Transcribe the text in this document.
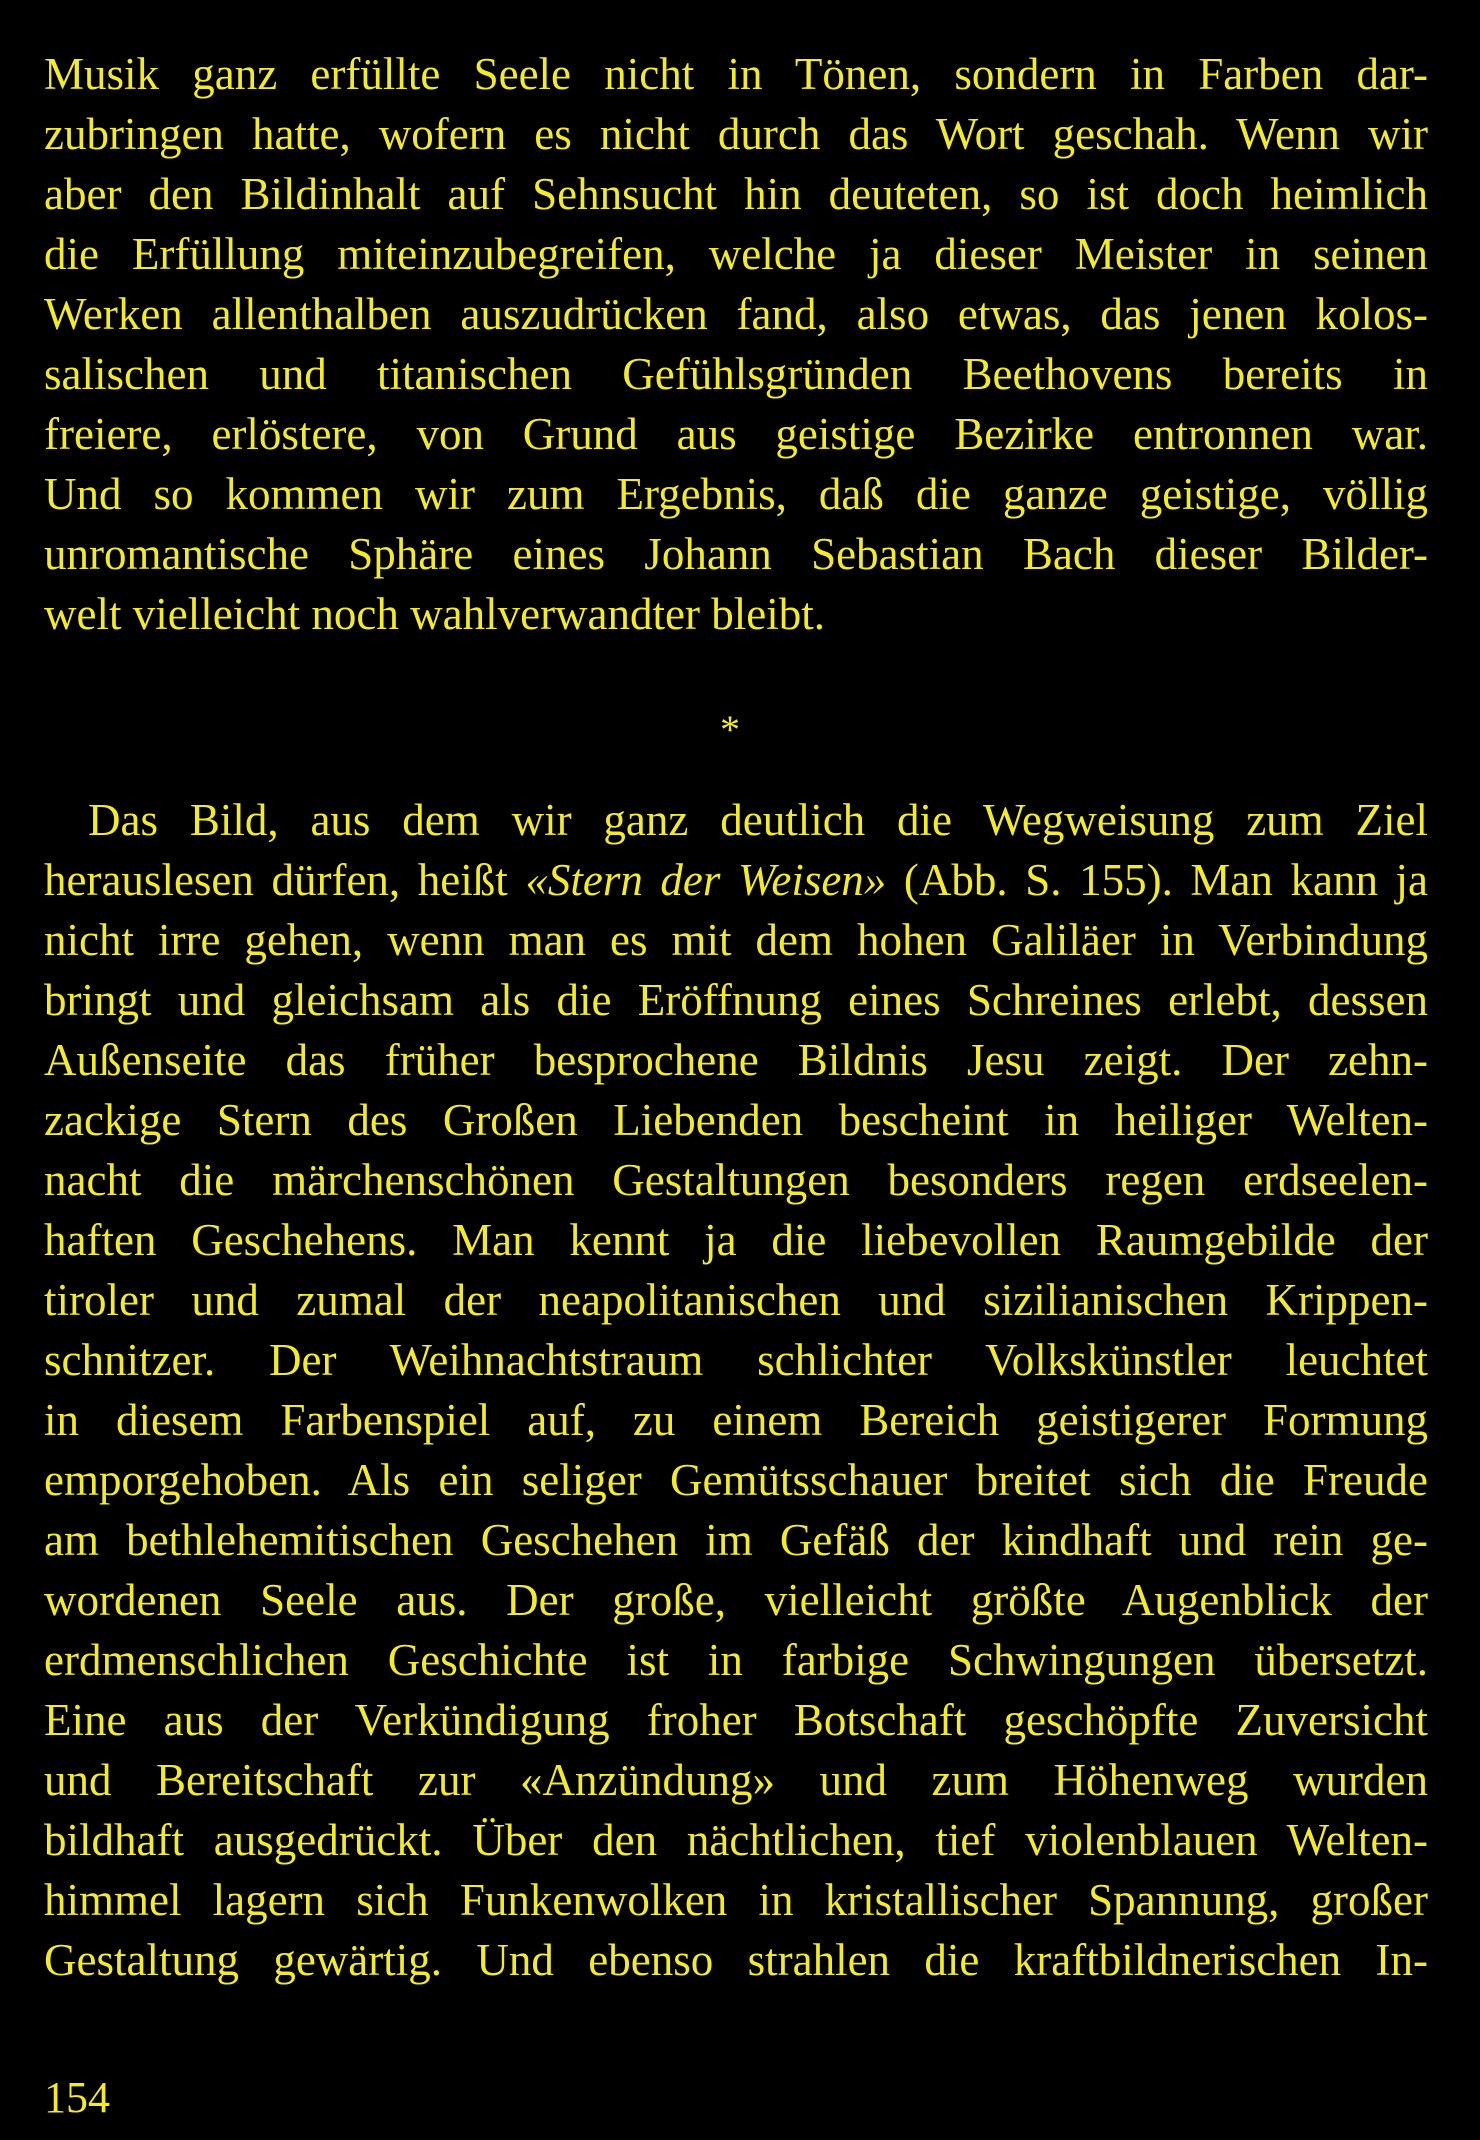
Musik ganz erfüllte Seele nicht in Tönen, sondern in Farben dar-

zubringen hatte, wofern es nicht durch das Wort geschah. Wenn wir

aber den Bildinhalt auf Sehnsucht hin deuteten, so ist doch heimlich

die Erfüllung miteinzubegreifen, welche ja dieser Meister in seinen

Werken allenthalben auszudrücken fand, also etwas, das jenen kolos-

salischen und titanischen Gefühlsgründen Beethovens bereits in

freiere, erlöstere, von Grund aus geistige Bezirke entronnen war.

Und so kommen wir zum Ergebnis, daß die ganze geistige, völlig

unromantische Sphäre eines Johann Sebastian Bach dieser Bilder-

welt vielleicht noch wahlverwandter bleibt.

*

Das Bild, aus dem wir ganz deutlich die Wegweisung zum Ziel

herauslesen dürfen, heißt «Stern der Weisen» (Abb. S. 155). Man kann ja

nicht irre gehen, wenn man es mit dem hohen Galiläer in Verbindung

bringt und gleichsam als die Eröffnung eines Schreines erlebt, dessen

Außenseite das früher besprochene Bildnis Jesu zeigt. Der zehn-

zackige Stern des Großen Liebenden bescheint in heiliger Welten-

nacht die märchenschönen Gestaltungen besonders regen erdseelen-

haften Geschehens. Man kennt ja die liebevollen Raumgebilde der

tiroler und zumal der neapolitanischen und sizilianischen Krippen-

schnitzer. Der Weihnachtstraum schlichter Volkskünstler leuchtet

in diesem Farbenspiel auf, zu einem Bereich geistigerer Formung

emporgehoben. Als ein seliger Gemütsschauer breitet sich die Freude

am bethlehemitischen Geschehen im Gefäß der kindhaft und rein ge-

wordenen Seele aus. Der große, vielleicht größte Augenblick der

erdmenschlichen Geschichte ist in farbige Schwingungen übersetzt.

Eine aus der Verkündigung froher Botschaft geschöpfte Zuversicht

und Bereitschaft zur «Anzündung» und zum Höhenweg wurden

bildhaft ausgedrückt. Über den nächtlichen, tief violenblauen Welten-

himmel lagern sich Funkenwolken in kristallischer Spannung, großer

Gestaltung gewärtig. Und ebenso strahlen die kraftbildnerischen In-

154
